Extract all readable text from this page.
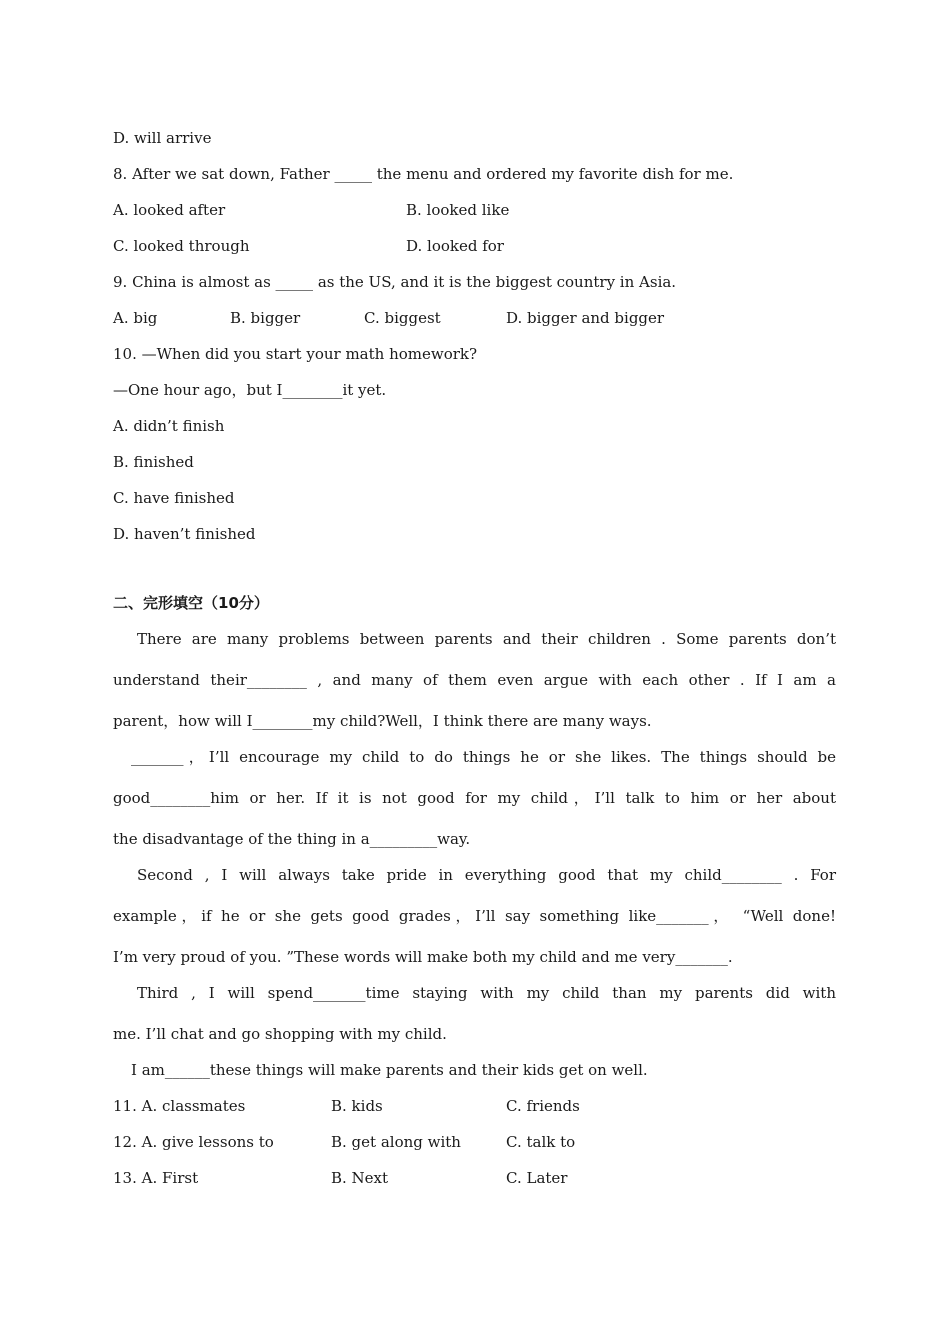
D. will arrive
8. After we sat down, Father _____ the menu and ordered my favorite dish for me.
A. looked after	B. looked like
C. looked through	D. looked for
9. China is almost as _____ as the US, and it is the biggest country in Asia.
A. big	B. bigger	C. biggest	D. bigger and bigger
10. —When did you start your math homework?
—One hour ago，but I________it yet.
A. didn’t finish
B. finished
C. have finished
D. haven’t finished
二、完形填空（10分）
There are many problems between parents and their children . Some parents don’t
understand their________ , and many of them even argue with each other . If I am a
parent，how will I________my child?Well，I think there are many ways.
_______，I’ll encourage my child to do things he or she likes. The things should be
good________him or her. If it is not good for my child，I’ll talk to him or her about
the disadvantage of the thing in a_________way.
Second , I will always take pride in everything good that my child________ . For
example，if he or she gets good grades，I’ll say something like_______， “Well done!
I’m very proud of you. ”These words will make both my child and me very_______.
Third , I will spend_______time staying with my child than my parents did with
me. I’ll chat and go shopping with my child.
I am______these things will make parents and their kids get on well.
11. A. classmates	B. kids	C. friends
12. A. give lessons to	B. get along with	C. talk to
13. A. First	B. Next	C. Later
